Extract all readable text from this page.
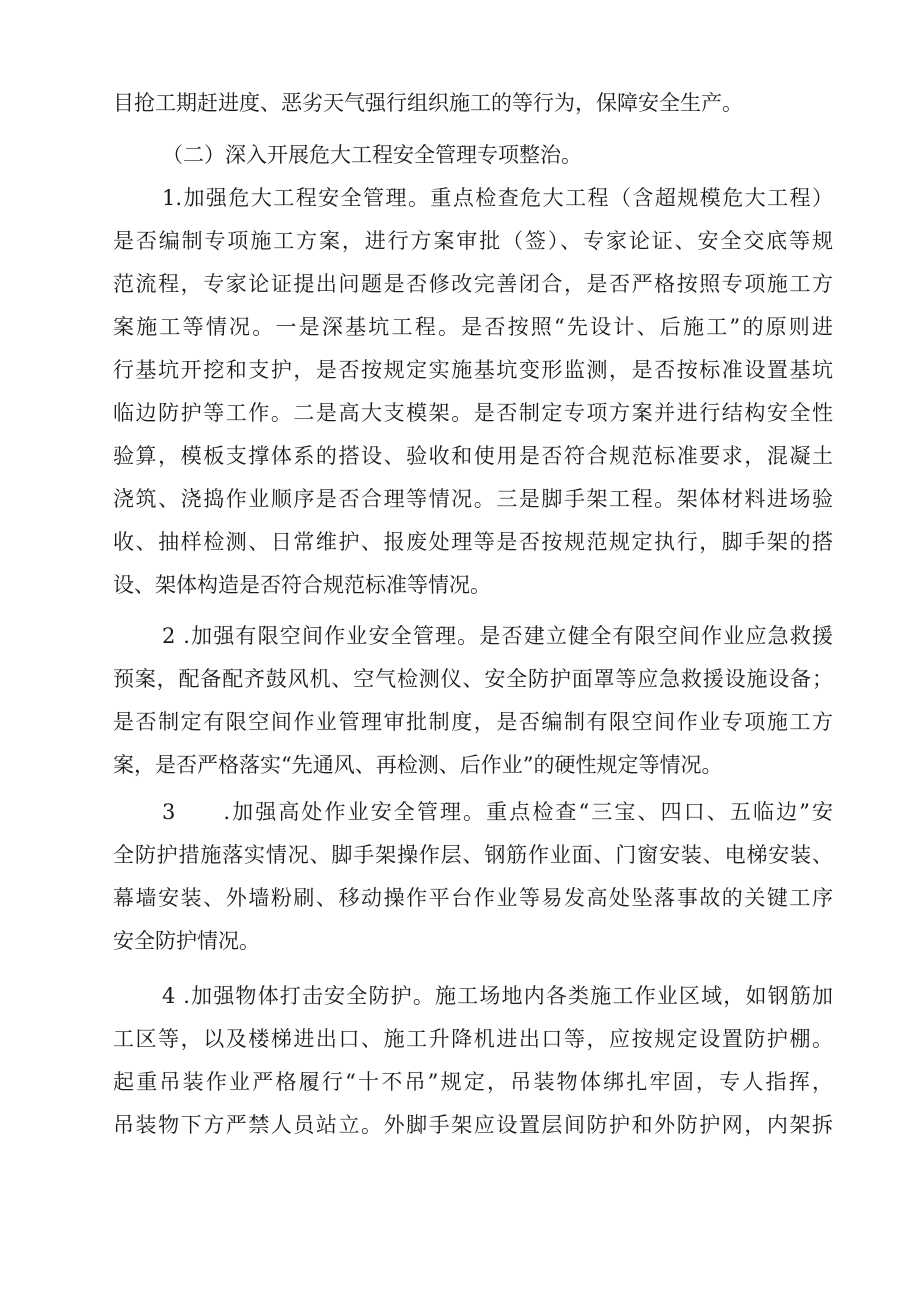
目抢工期赶进度、恶劣天气强行组织施工的等行为，保障安全生产。
（二）深入开展危大工程安全管理专项整治。
1.加强危大工程安全管理。重点检查危大工程（含超规模危大工程）
是否编制专项施工方案，进行方案审批（签）、专家论证、安全交底等规
范流程，专家论证提出问题是否修改完善闭合，是否严格按照专项施工方
案施工等情况。一是深基坑工程。是否按照“先设计、后施工”的原则进
行基坑开挖和支护，是否按规定实施基坑变形监测，是否按标准设置基坑
临边防护等工作。二是高大支模架。是否制定专项方案并进行结构安全性
验算，模板支撑体系的搭设、验收和使用是否符合规范标准要求，混凝土
浇筑、浇捣作业顺序是否合理等情况。三是脚手架工程。架体材料进场验
收、抽样检测、日常维护、报废处理等是否按规范规定执行，脚手架的搭
设、架体构造是否符合规范标准等情况。
2 .加强有限空间作业安全管理。是否建立健全有限空间作业应急救援
预案，配备配齐鼓风机、空气检测仪、安全防护面罩等应急救援设施设备；
是否制定有限空间作业管理审批制度，是否编制有限空间作业专项施工方
案，是否严格落实“先通风、再检测、后作业”的硬性规定等情况。
3 .加强高处作业安全管理。重点检查“三宝、四口、五临边”安
全防护措施落实情况、脚手架操作层、钢筋作业面、门窗安装、电梯安装、
幕墙安装、外墙粉刷、移动操作平台作业等易发高处坠落事故的关键工序
安全防护情况。
4 .加强物体打击安全防护。施工场地内各类施工作业区域，如钢筋加
工区等，以及楼梯进出口、施工升降机进出口等，应按规定设置防护棚。
起重吊装作业严格履行“十不吊”规定，吊装物体绑扎牢固，专人指挥，
吊装物下方严禁人员站立。外脚手架应设置层间防护和外防护网，内架拆
